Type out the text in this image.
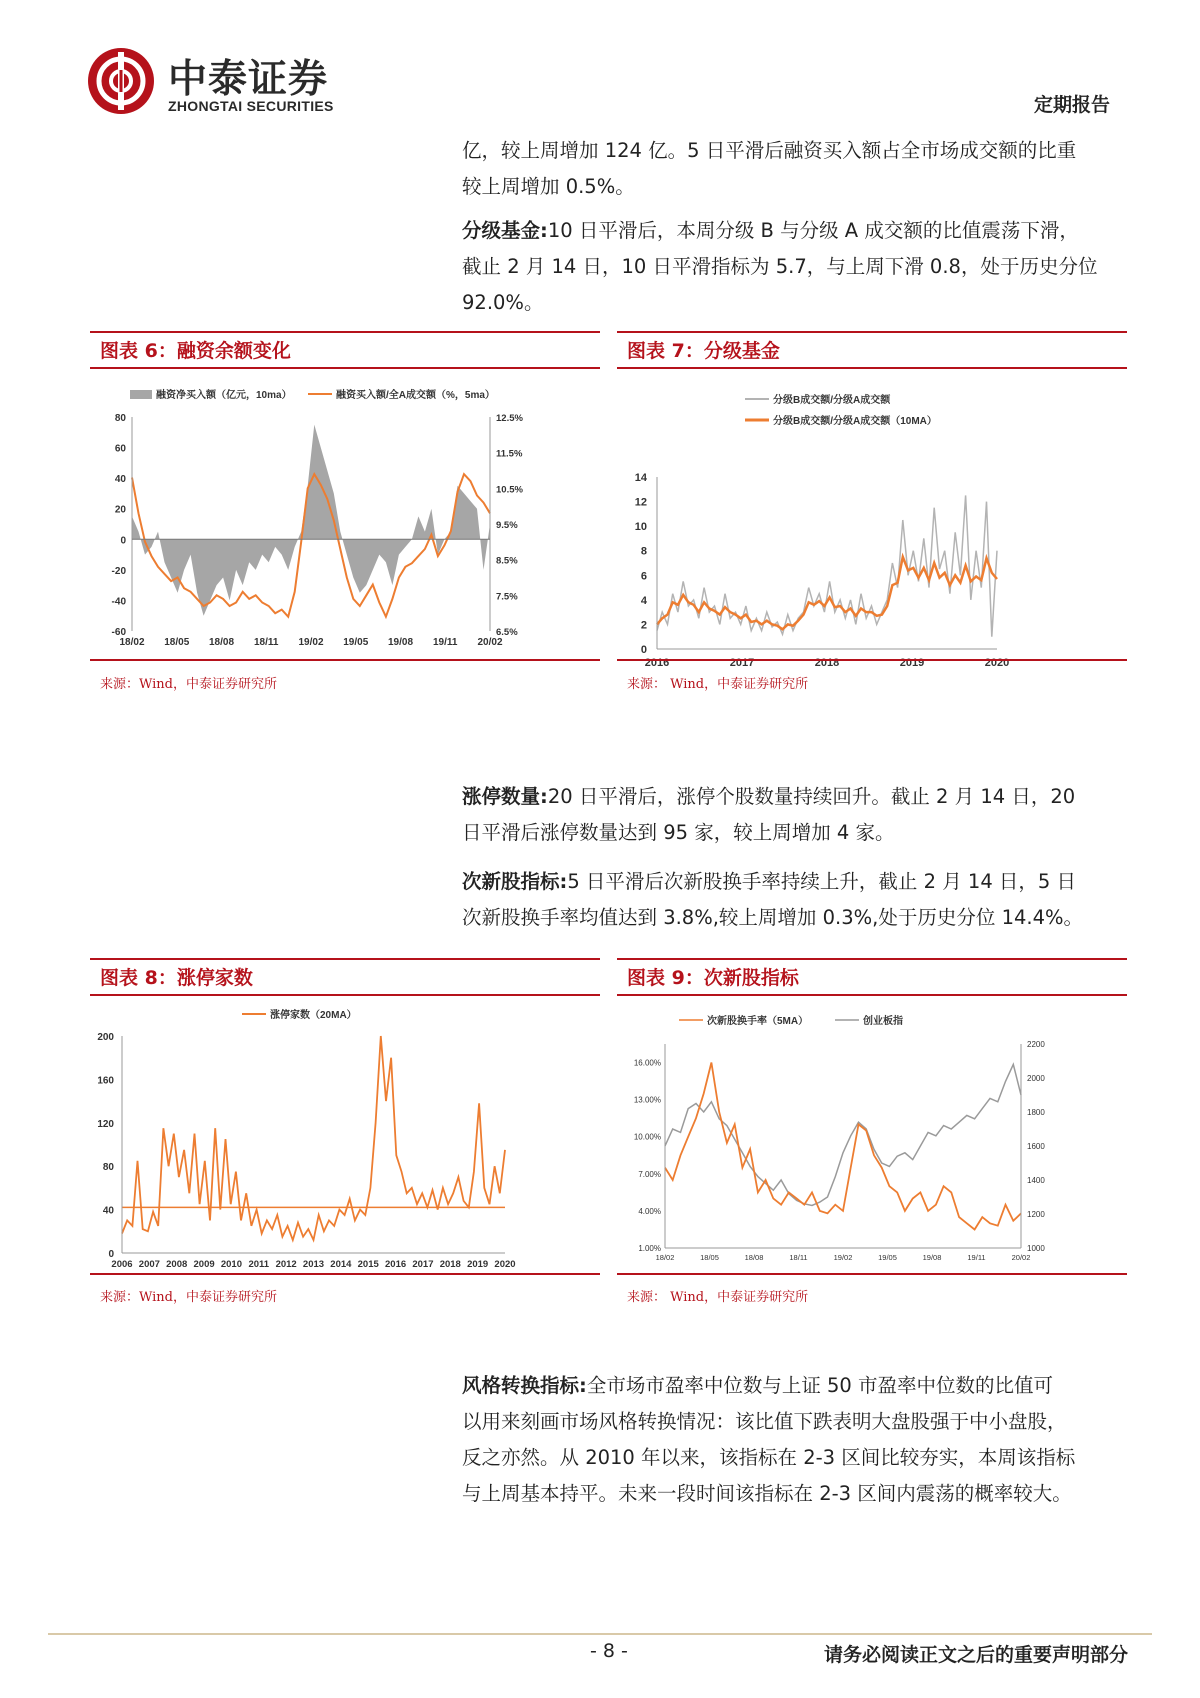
中泰证券
ZHONGTAI SECURITIES	定期报告

亿，较上周增加 124 亿。5 日平滑后融资买入额占全市场成交额的比重
较上周增加 0.5%。

分级基金:10 日平滑后，本周分级 B 与分级 A 成交额的比值震荡下滑，
截止 2 月 14 日，10 日平滑指标为 5.7，与上周下滑 0.8，处于历史分位
92.0%。

图表 6：融资余额变化
融资净买入额（亿元，10ma）	融资买入额/全A成交额（%，5ma）
80
60
40
20
0
-20
-40
-60
12.5%
11.5%
10.5%
9.5%
8.5%
7.5%
6.5%
18/02 18/05 18/08 18/11 19/02 19/05 19/08 19/11 20/02
来源：Wind，中泰证券研究所
图表 7：分级基金
分级B成交额/分级A成交额
分级B成交额/分级A成交额（10MA）
14
12
10
8
6
4
2
0
2016	2017	2018	2019	2020
来源： Wind，中泰证券研究所

涨停数量:20 日平滑后，涨停个股数量持续回升。截止 2 月 14 日，20
日平滑后涨停数量达到 95 家，较上周增加 4 家。

次新股指标:5 日平滑后次新股换手率持续上升，截止 2 月 14 日，5 日
次新股换手率均值达到 3.8%,较上周增加 0.3%,处于历史分位 14.4%。

图表 8：涨停家数
涨停家数（20MA）
200
160
120
80
40
0
2006 2007 2008 2009 2010 2011 2012 2013 2014 2015 2016 2017 2018 2019 2020
来源：Wind，中泰证券研究所
图表 9：次新股指标
次新股换手率（5MA）	创业板指
16.00%
13.00%
10.00%
7.00%
4.00%
1.00%
2200
2000
1800
1600
1400
1200
1000
18/02	18/05	18/08	18/11	19/02	19/05	19/08	19/11	20/02
来源： Wind，中泰证券研究所

风格转换指标:全市场市盈率中位数与上证 50 市盈率中位数的比值可
以用来刻画市场风格转换情况：该比值下跌表明大盘股强于中小盘股，
反之亦然。从 2010 年以来，该指标在 2-3 区间比较夯实，本周该指标
与上周基本持平。未来一段时间该指标在 2-3 区间内震荡的概率较大。

- 8 -	请务必阅读正文之后的重要声明部分
